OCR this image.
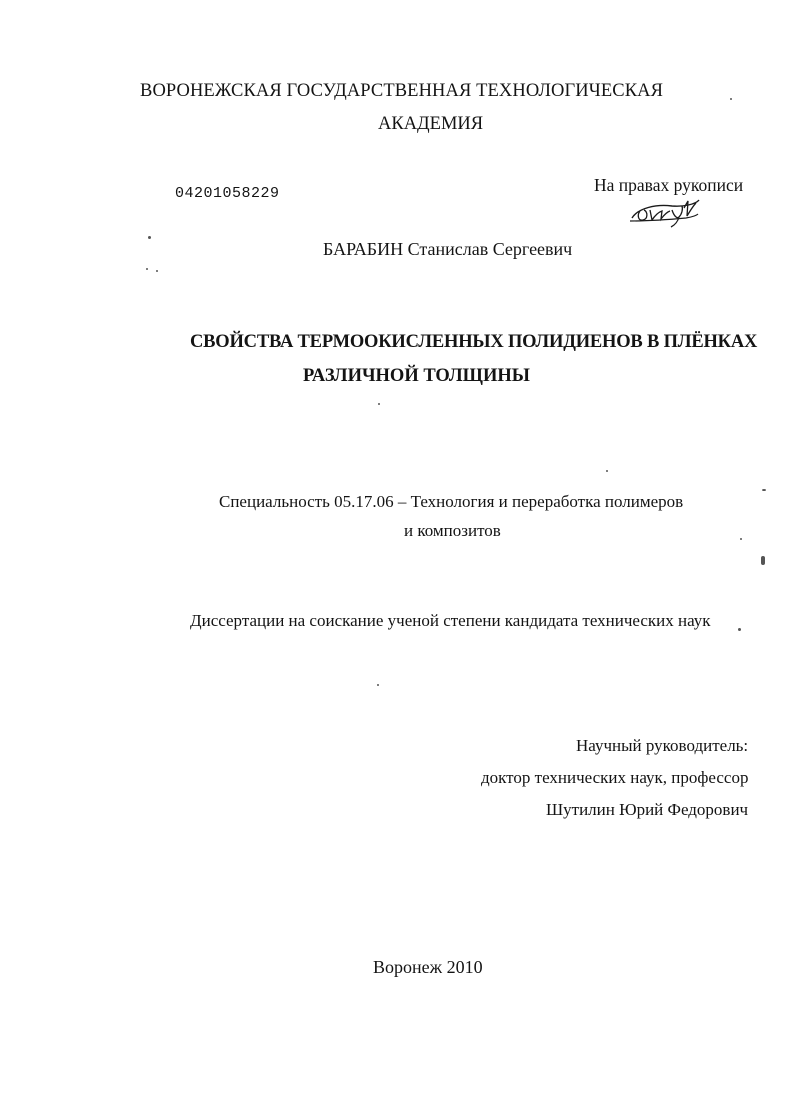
ВОРОНЕЖСКАЯ ГОСУДАРСТВЕННАЯ ТЕХНОЛОГИЧЕСКАЯ
АКАДЕМИЯ
04201058229	На правах рукописи
БАРАБИН Станислав Сергеевич
СВОЙСТВА ТЕРМООКИСЛЕННЫХ ПОЛИДИЕНОВ В ПЛЁНКАХ
РАЗЛИЧНОЙ ТОЛЩИНЫ
Специальность 05.17.06 – Технология и переработка полимеров
и композитов
Диссертации на соискание ученой степени кандидата технических наук
Научный руководитель:
доктор технических наук, профессор
Шутилин Юрий Федорович
Воронеж 2010
